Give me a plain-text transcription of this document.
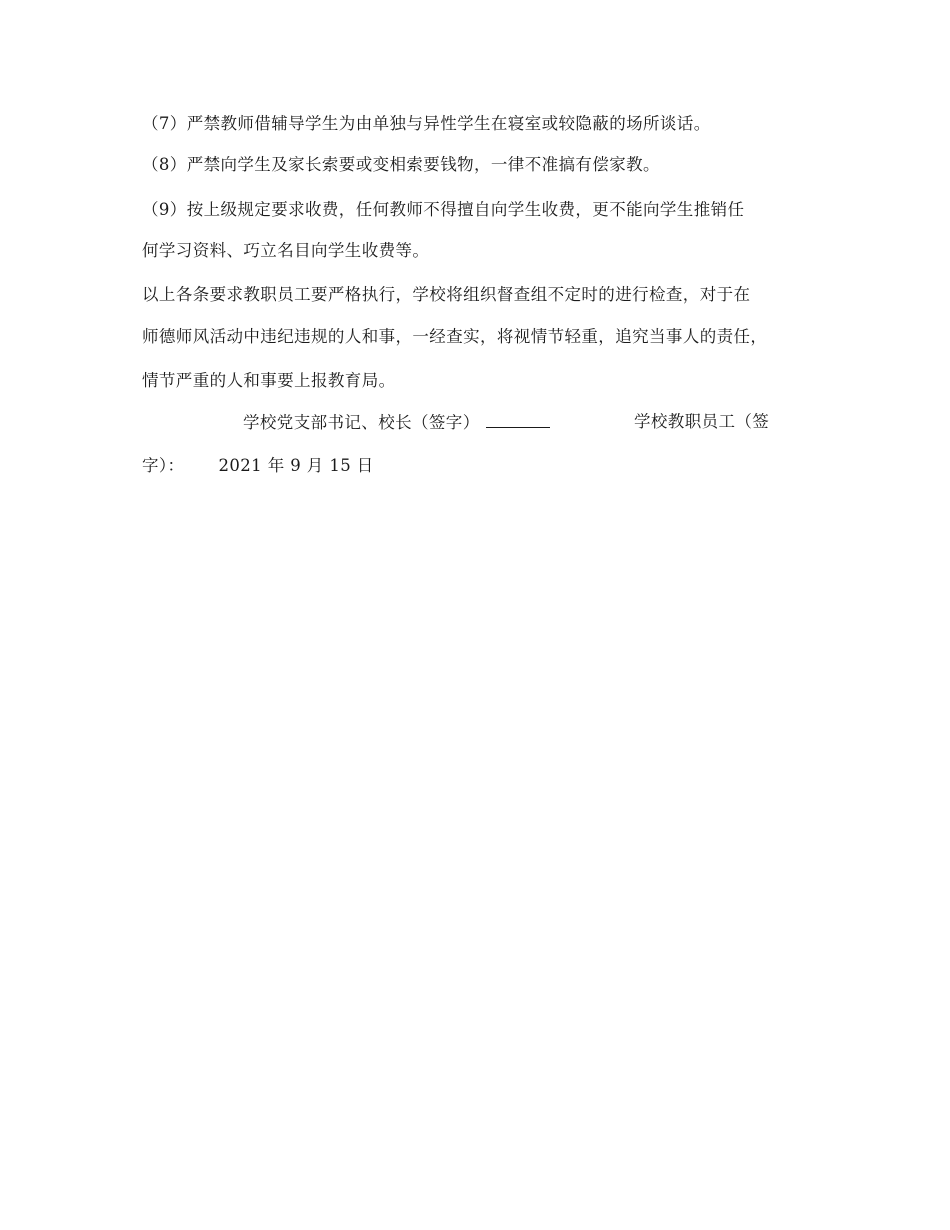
（7）严禁教师借辅导学生为由单独与异性学生在寝室或较隐蔽的场所谈话。
（8）严禁向学生及家长索要或变相索要钱物，一律不准搞有偿家教。
（9）按上级规定要求收费，任何教师不得擅自向学生收费，更不能向学生推销任
何学习资料、巧立名目向学生收费等。
以上各条要求教职员工要严格执行，学校将组织督查组不定时的进行检查，对于在
师德师风活动中违纪违规的人和事，一经查实，将视情节轻重，追究当事人的责任，
情节严重的人和事要上报教育局。
学校党支部书记、校长（签字）	学校教职员工（签
字）： 2021 年 9 月 15 日
